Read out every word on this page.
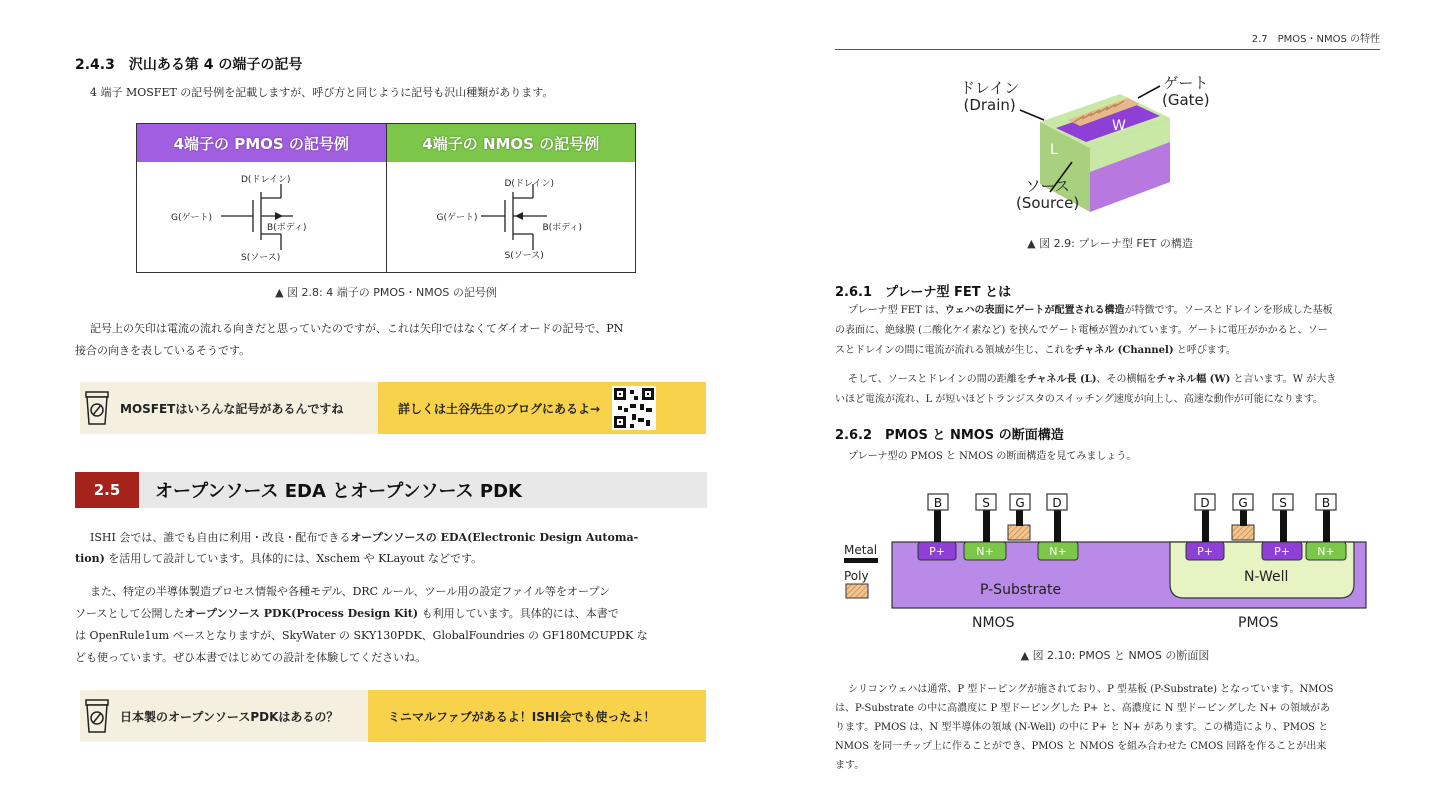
2.4.3　沢山ある第 4 の端子の記号
4 端子 MOSFET の記号例を記載しますが、呼び方と同じように記号も沢山種類があります。
4端子の PMOS の記号例
D(ドレイン)
G(ゲート)
B(ボディ)
S(ソース)
4端子の NMOS の記号例
D(ドレイン)
G(ゲート)
B(ボディ)
S(ソース)
▲ 図 2.8: 4 端子の PMOS・NMOS の記号例
記号上の矢印は電流の流れる向きだと思っていたのですが、これは矢印ではなくてダイオードの記号で、PN
接合の向きを表しているそうです。
MOSFETはいろんな記号があるんですね	詳しくは土谷先生のブログにあるよ→
2.5	オープンソース EDA とオープンソース PDK
ISHI 会では、誰でも自由に利用・改良・配布できるオープンソースの EDA(Electronic Design Automa-
tion) を活用して設計しています。具体的には、Xschem や KLayout などです。
また、特定の半導体製造プロセス情報や各種モデル、DRC ルール、ツール用の設定ファイル等をオープン
ソースとして公開したオープンソース PDK(Process Design Kit) も利用しています。具体的には、本書で
は OpenRule1um ベースとなりますが、SkyWater の SKY130PDK、GlobalFoundries の GF180MCUPDK な
ども使っています。ぜひ本書ではじめての設計を体験してくださいね。
日本製のオープンソースPDKはあるの？	ミニマルファブがあるよ！ISHI会でも使ったよ！
2.7　PMOS・NMOS の特性
W
L
ドレイン
(Drain)
ゲート
(Gate)
ソース
(Source)
▲ 図 2.9: プレーナ型 FET の構造
2.6.1　プレーナ型 FET とは
プレーナ型 FET は、ウェハの表面にゲートが配置される構造が特徴です。ソースとドレインを形成した基板
の表面に、絶縁膜 (二酸化ケイ素など) を挟んでゲート電極が置かれています。ゲートに電圧がかかると、ソー
スとドレインの間に電流が流れる領域が生じ、これをチャネル (Channel) と呼びます。
そして、ソースとドレインの間の距離をチャネル長 (L)、その横幅をチャネル幅 (W) と言います。W が大き
いほど電流が流れ、L が短いほどトランジスタのスイッチング速度が向上し、高速な動作が可能になります。
2.6.2　PMOS と NMOS の断面構造
プレーナ型の PMOS と NMOS の断面構造を見てみましょう。
P+	N+	N+	P+	P+ N+
B	S G D	D G	S	B
P-Substrate
N-Well
NMOS	PMOS
Metal
Poly
▲ 図 2.10: PMOS と NMOS の断面図
シリコンウェハは通常、P 型ドーピングが施されており、P 型基板 (P-Substrate) となっています。NMOS
は、P-Substrate の中に高濃度に P 型ドーピングした P+ と、高濃度に N 型ドーピングした N+ の領域があ
ります。PMOS は、N 型半導体の領域 (N-Well) の中に P+ と N+ があります。この構造により、PMOS と
NMOS を同一チップ上に作ることができ、PMOS と NMOS を組み合わせた CMOS 回路を作ることが出来
ます。
